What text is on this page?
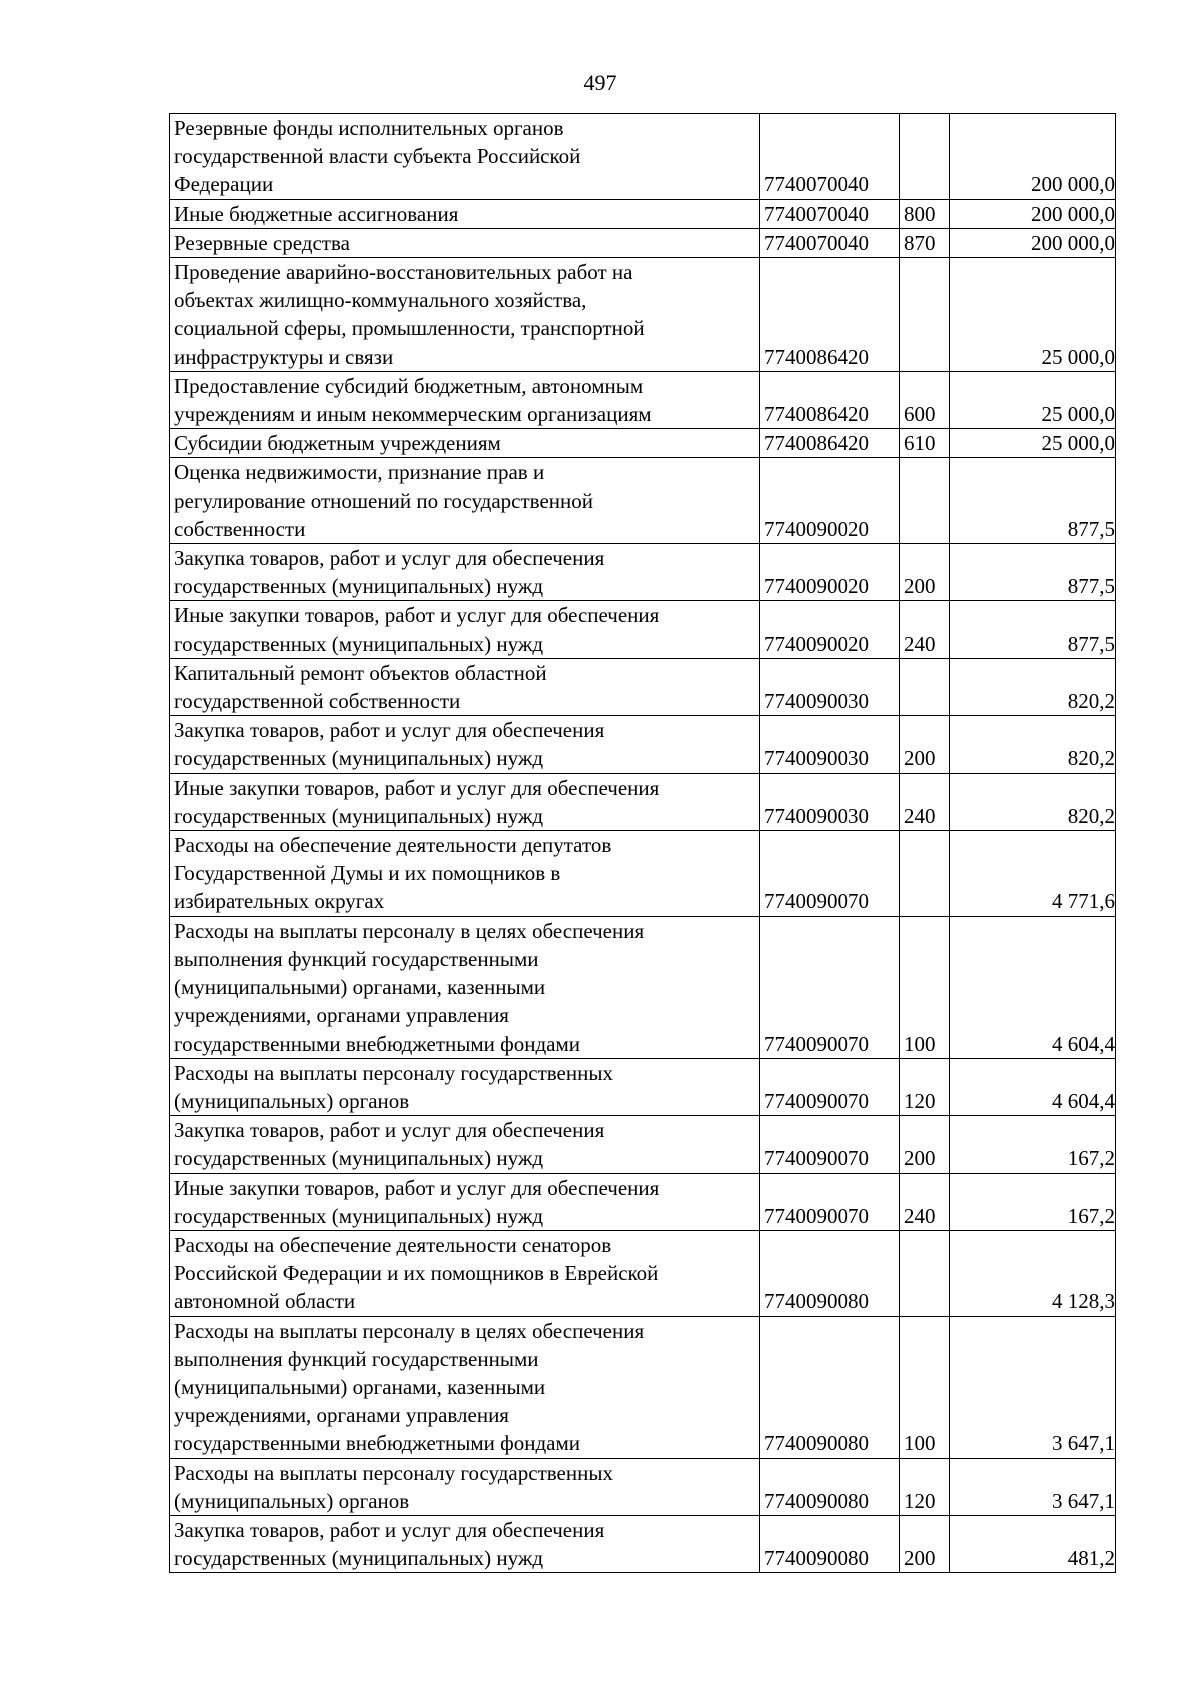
497
Резервные фонды исполнительных органов
государственной власти субъекта Российской
Федерации	7740070040		200 000,0
Иные бюджетные ассигнования	7740070040	800	200 000,0
Резервные средства	7740070040	870	200 000,0
Проведение аварийно-восстановительных работ на
объектах жилищно-коммунального хозяйства,
социальной сферы, промышленности, транспортной
инфраструктуры и связи	7740086420		25 000,0
Предоставление субсидий бюджетным, автономным
учреждениям и иным некоммерческим организациям	7740086420	600	25 000,0
Субсидии бюджетным учреждениям	7740086420	610	25 000,0
Оценка недвижимости, признание прав и
регулирование отношений по государственной
собственности	7740090020		877,5
Закупка товаров, работ и услуг для обеспечения
государственных (муниципальных) нужд	7740090020	200	877,5
Иные закупки товаров, работ и услуг для обеспечения
государственных (муниципальных) нужд	7740090020	240	877,5
Капитальный ремонт объектов областной
государственной собственности	7740090030		820,2
Закупка товаров, работ и услуг для обеспечения
государственных (муниципальных) нужд	7740090030	200	820,2
Иные закупки товаров, работ и услуг для обеспечения
государственных (муниципальных) нужд	7740090030	240	820,2
Расходы на обеспечение деятельности депутатов
Государственной Думы и их помощников в
избирательных округах	7740090070		4 771,6
Расходы на выплаты персоналу в целях обеспечения
выполнения функций государственными
(муниципальными) органами, казенными
учреждениями, органами управления
государственными внебюджетными фондами	7740090070	100	4 604,4
Расходы на выплаты персоналу государственных
(муниципальных) органов	7740090070	120	4 604,4
Закупка товаров, работ и услуг для обеспечения
государственных (муниципальных) нужд	7740090070	200	167,2
Иные закупки товаров, работ и услуг для обеспечения
государственных (муниципальных) нужд	7740090070	240	167,2
Расходы на обеспечение деятельности сенаторов
Российской Федерации и их помощников в Еврейской
автономной области	7740090080		4 128,3
Расходы на выплаты персоналу в целях обеспечения
выполнения функций государственными
(муниципальными) органами, казенными
учреждениями, органами управления
государственными внебюджетными фондами	7740090080	100	3 647,1
Расходы на выплаты персоналу государственных
(муниципальных) органов	7740090080	120	3 647,1
Закупка товаров, работ и услуг для обеспечения
государственных (муниципальных) нужд	7740090080	200	481,2
